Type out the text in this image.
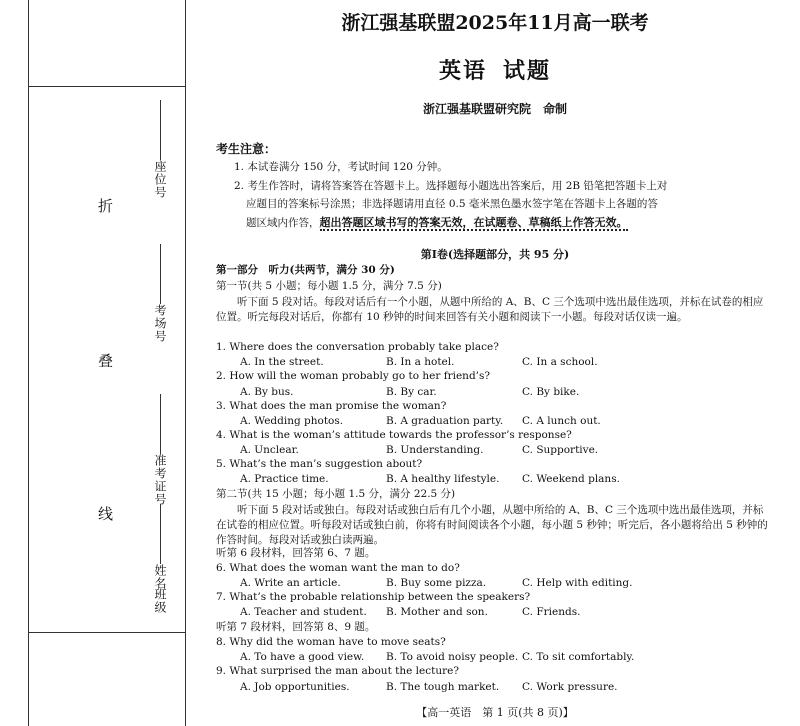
折
叠
线
座位号
考场号
准考证号
姓名
班级
浙江强基联盟2025年11月高一联考
英语 试题
浙江强基联盟研究院 命制
考生注意：
1. 本试卷满分 150 分，考试时间 120 分钟。
2. 考生作答时，请将答案答在答题卡上。选择题每小题选出答案后，用 2B 铅笔把答题卡上对
应题目的答案标号涂黑；非选择题请用直径 0.5 毫米黑色墨水签字笔在答题卡上各题的答
题区域内作答，超出答题区域书写的答案无效，在试题卷、草稿纸上作答无效。
第Ⅰ卷(选择题部分，共 95 分)
第一部分　听力(共两节，满分 30 分)
第一节(共 5 小题；每小题 1.5 分，满分 7.5 分)
听下面 5 段对话。每段对话后有一个小题，从题中所给的 A、B、C 三个选项中选出最佳选项，并标在试卷的相应位置。听完每段对话后，你都有 10 秒钟的时间来回答有关小题和阅读下一小题。每段对话仅读一遍。
1. Where does the conversation probably take place?
A. In the street.	B. In a hotel.	C. In a school.
2. How will the woman probably go to her friend’s?
A. By bus.	B. By car.	C. By bike.
3. What does the man promise the woman?
A. Wedding photos.	B. A graduation party. C. A lunch out.
4. What is the woman’s attitude towards the professor’s response?
A. Unclear.	B. Understanding.	C. Supportive.
5. What’s the man’s suggestion about?
A. Practice time.	B. A healthy lifestyle. C. Weekend plans.
第二节(共 15 小题；每小题 1.5 分，满分 22.5 分)
听下面 5 段对话或独白。每段对话或独白后有几个小题，从题中所给的 A、B、C 三个选项中选出最佳选项，并标在试卷的相应位置。听每段对话或独白前，你将有时间阅读各个小题，每小题 5 秒钟；听完后，各小题将给出 5 秒钟的作答时间。每段对话或独白读两遍。
听第 6 段材料，回答第 6、7 题。
6. What does the woman want the man to do?
A. Write an article.	B. Buy some pizza.	C. Help with editing.
7. What’s the probable relationship between the speakers?
A. Teacher and student. B. Mother and son.	C. Friends.
听第 7 段材料，回答第 8、9 题。
8. Why did the woman have to move seats?
A. To have a good view. B. To avoid noisy people. C. To sit comfortably.
9. What surprised the man about the lecture?
A. Job opportunities.	B. The tough market. C. Work pressure.
【高一英语　第 1 页(共 8 页)】
